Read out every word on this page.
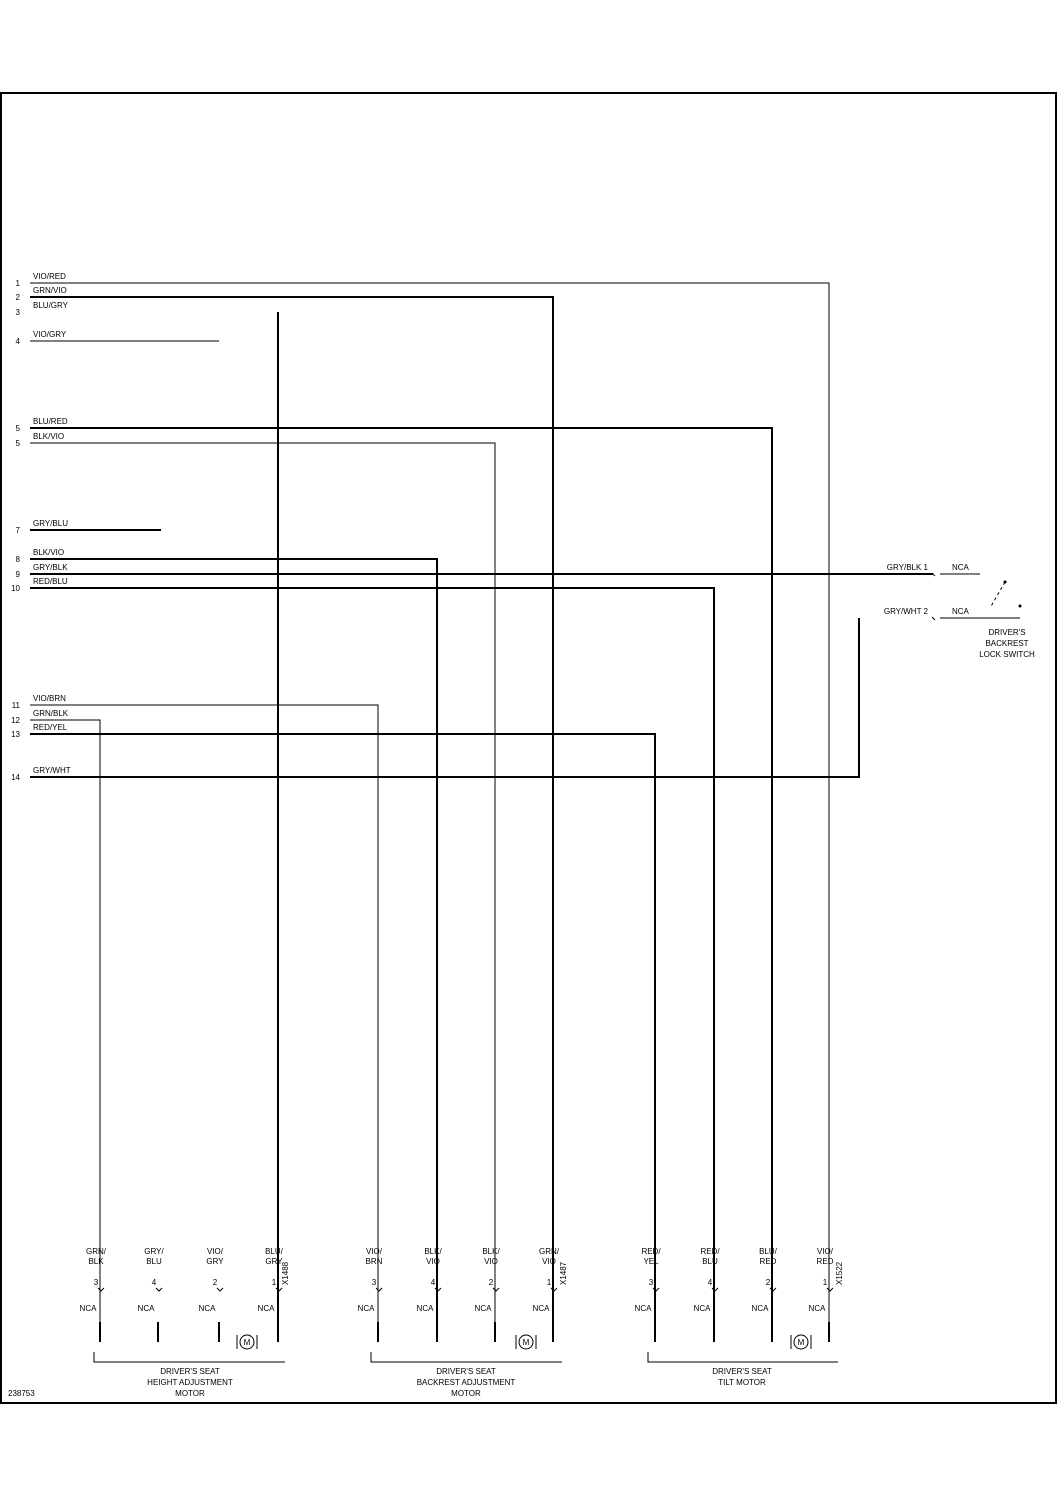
1
VIO/RED
2
GRN/VIO
3
BLU/GRY
4
VIO/GRY
5
BLU/RED
5
BLK/VIO
7
GRY/BLU
8
BLK/VIO
9
GRY/BLK
10
RED/BLU
11
VIO/BRN
12
GRN/BLK
13
RED/YEL
14
GRY/WHT
GRY/BLK 1	NCA
GRY/WHT 2	NCA
DRIVER'S
BACKREST
LOCK SWITCH
GRN/
BLK
3
NCA
GRY/
BLU
4
NCA
VIO/
GRY
2
NCA
BLU/
GRY
1
NCA
X1488
M
DRIVER'S SEAT
HEIGHT ADJUSTMENT
MOTOR
VIO/
BRN
3
NCA
BLK/
VIO
4
NCA
BLK/
VIO
2
NCA
GRN/
VIO
1
NCA
X1487
M
DRIVER'S SEAT
BACKREST ADJUSTMENT
MOTOR
RED/
YEL
3
NCA
RED/
BLU
4
NCA
BLU/
RED
2
NCA
VIO/
RED
1
NCA
X1522
M
DRIVER'S SEAT
TILT MOTOR
238753
